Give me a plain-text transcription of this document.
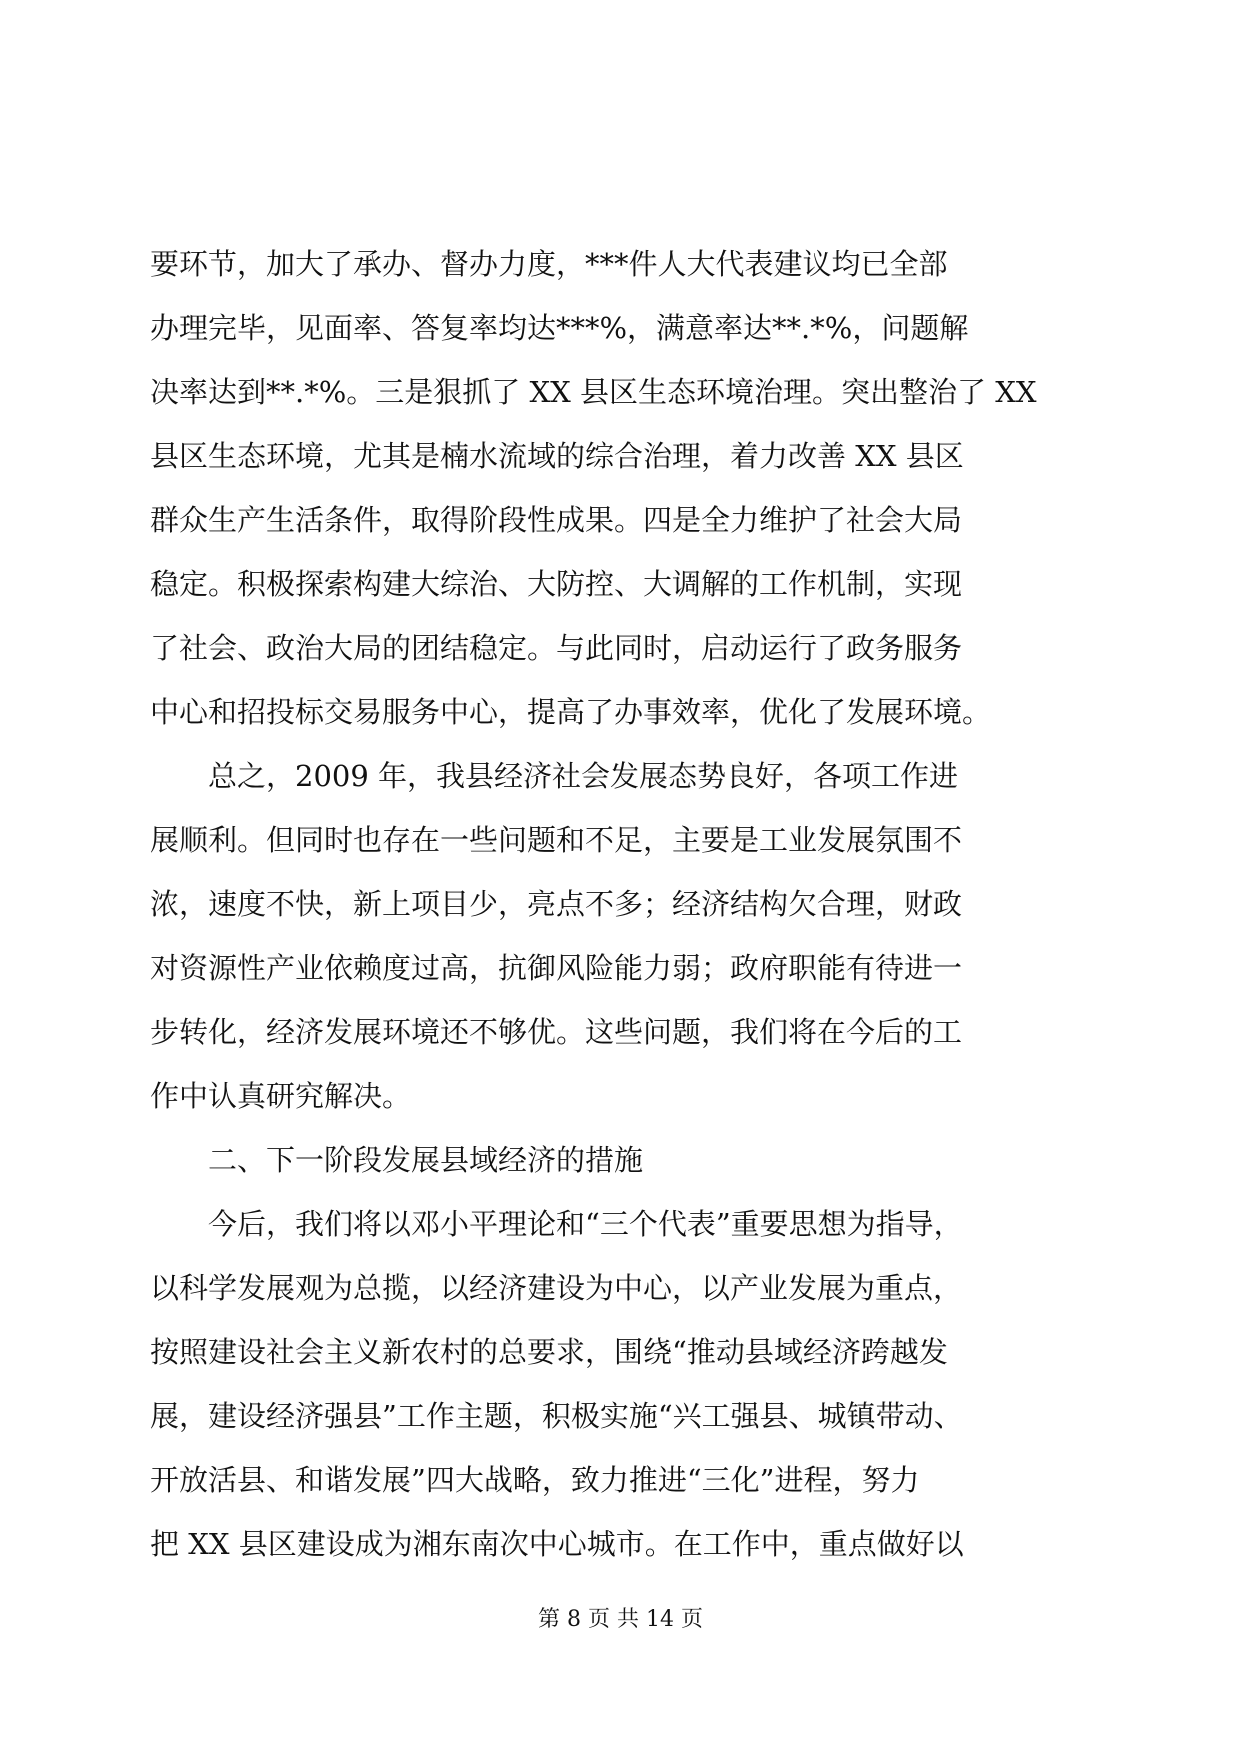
要环节，加大了承办、督办力度，***件人大代表建议均已全部
办理完毕，见面率、答复率均达***%，满意率达**.*%，问题解
决率达到**.*%。三是狠抓了 XX 县区生态环境治理。突出整治了 XX
县区生态环境，尤其是楠水流域的综合治理，着力改善 XX 县区
群众生产生活条件，取得阶段性成果。四是全力维护了社会大局
稳定。积极探索构建大综治、大防控、大调解的工作机制，实现
了社会、政治大局的团结稳定。与此同时，启动运行了政务服务
中心和招投标交易服务中心，提高了办事效率，优化了发展环境。
总之，2009 年，我县经济社会发展态势良好，各项工作进
展顺利。但同时也存在一些问题和不足，主要是工业发展氛围不
浓，速度不快，新上项目少，亮点不多；经济结构欠合理，财政
对资源性产业依赖度过高，抗御风险能力弱；政府职能有待进一
步转化，经济发展环境还不够优。这些问题，我们将在今后的工
作中认真研究解决。
二、下一阶段发展县域经济的措施
今后，我们将以邓小平理论和“三个代表”重要思想为指导，
以科学发展观为总揽，以经济建设为中心，以产业发展为重点，
按照建设社会主义新农村的总要求，围绕“推动县域经济跨越发
展，建设经济强县”工作主题，积极实施“兴工强县、城镇带动、
开放活县、和谐发展”四大战略，致力推进“三化”进程，努力
把 XX 县区建设成为湘东南次中心城市。在工作中，重点做好以
第 8 页 共 14 页
